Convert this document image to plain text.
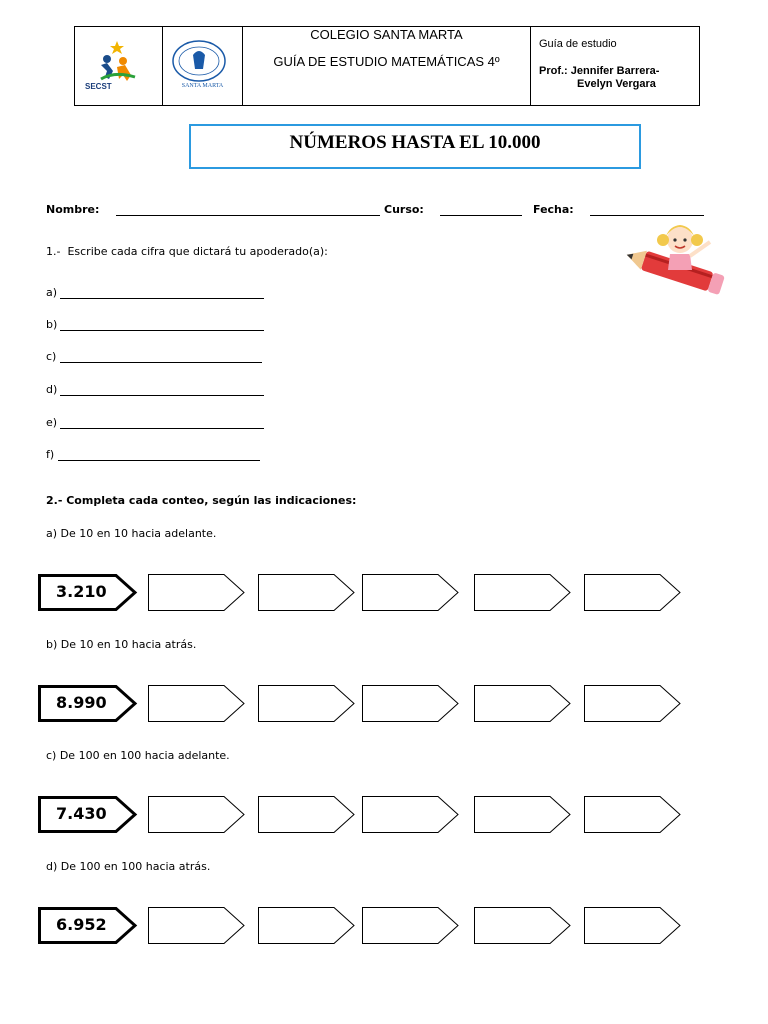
SECST	SANTA MARTA
COLEGIO SANTA MARTA
GUÍA DE ESTUDIO MATEMÁTICAS 4º
Guía de estudio
Prof.: Jennifer Barrera-
Evelyn Vergara
NÚMEROS HASTA EL 10.000
Nombre:	Curso:	Fecha:
1.-  Escribe cada cifra que dictará tu apoderado(a):
a)
b)
c)
d)
e)
f)
2.- Completa cada conteo, según las indicaciones:
a) De 10 en 10 hacia adelante.
3.210
b) De 10 en 10 hacia atrás.
8.990
c) De 100 en 100 hacia adelante.
7.430
d) De 100 en 100 hacia atrás.
6.952
